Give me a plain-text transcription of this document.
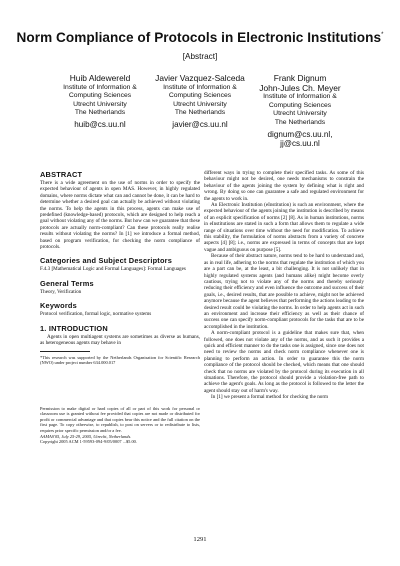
Norm Compliance of Protocols in Electronic Institutions*
[Abstract]
Huib Aldewereld
Institute of Information &
Computing Sciences
Utrecht University
The Netherlands
huib@cs.uu.nl
Javier Vazquez-Salceda
Institute of Information &
Computing Sciences
Utrecht University
The Netherlands
javier@cs.uu.nl
Frank Dignum
John-Jules Ch. Meyer
Institute of Information &
Computing Sciences
Utrecht University
The Netherlands
dignum@cs.uu.nl,
jj@cs.uu.nl
ABSTRACT

There is a wide agreement on the use of norms in order to specify the expected behaviour of agents in open MAS. However, in highly regulated domains, where norms dictate what can and cannot be done, it can be hard to determine whether a desired goal can actually be achieved without violating the norms. To help the agents in this process, agents can make use of predefined (knowledge-based) protocols, which are designed to help reach a goal without violating any of the norms. But how can we guarantee that these protocols are actually norm-compliant? Can these protocols really realise results without violating the norms? In [1] we introduce a formal method, based on program verification, for checking the norm compliance of protocols.

Categories and Subject Descriptors

F.4.3 [Mathematical Logic and Formal Languages]: Formal Languages

General Terms

Theory, Verification

Keywords

Protocol verification, formal logic, normative systems

1. INTRODUCTION

Agents in open multiagent systems are sometimes as diverse as humans, as heterogeneous agents may behave in

*This research was supported by the Netherlands Organisation for Scientific Research (NWO) under project number 634.000.017

Permission to make digital or hard copies of all or part of this work for personal or classroom use is granted without fee provided that copies are not made or distributed for profit or commercial advantage and that copies bear this notice and the full citation on the first page. To copy otherwise, to republish, to post on servers or to redistribute to lists, requires prior specific permission and/or a fee.

AAMAS'05, July 25-29, 2005, Utrecht, Netherlands.

Copyright 2005 ACM 1-59593-094-9/05/0007 ...$5.00.

different ways in trying to complete their specified tasks. As some of this behaviour might not be desired, one needs mechanisms to constrain the behaviour of the agents joining the system by defining what is right and wrong. By doing so one can guarantee a safe and regulated environment for the agents to work in.

An Electronic Institution (eInstitution) is such an environment, where the expected behaviour of the agents joining the institution is described by means of an explicit specification of norms [2] [8]. As in human institutions, norms in eInstitutions are stated in such a form that allows them to regulate a wide range of situations over time without the need for modification. To achieve this stability, the formulation of norms abstracts from a variety of concrete aspects [4] [8]; i.e., norms are expressed in terms of concepts that are kept vague and ambiguous on purpose [5].

Because of their abstract nature, norms tend to be hard to understand and, as in real life, adhering to the norms that regulate the institution of which you are a part can be, at the least, a bit challenging. It is not unlikely that in highly regulated systems agents (and humans alike) might become overly cautious, trying not to violate any of the norms and thereby seriously reducing their efficiency and even influence the outcome and success of their goals, i.e., desired results, that are possible to achieve, might not be achieved anymore because the agent believes that performing the actions leading to the desired result could be violating the norms. In order to help agents act in such an environment and increase their efficiency as well as their chance of success one can specify norm-compliant protocols for the tasks that are to be accomplished in the institution.

A norm-compliant protocol is a guideline that makes sure that, when followed, one does not violate any of the norms, and as such it provides a quick and efficient manner to do the tasks one is assigned, since one does not need to review the norms and check norm compliance whenever one is planning to perform an action. In order to guarantee this the norm compliance of the protocol should be checked, which means that one should check that no norms are violated by the protocol during its execution in all situations. Therefore, the protocol should provide a violation-free path to achieve the agent's goals. As long as the protocol is followed to the letter the agent should stay out of harm's way.

In [1] we present a formal method for checking the norm

1291
